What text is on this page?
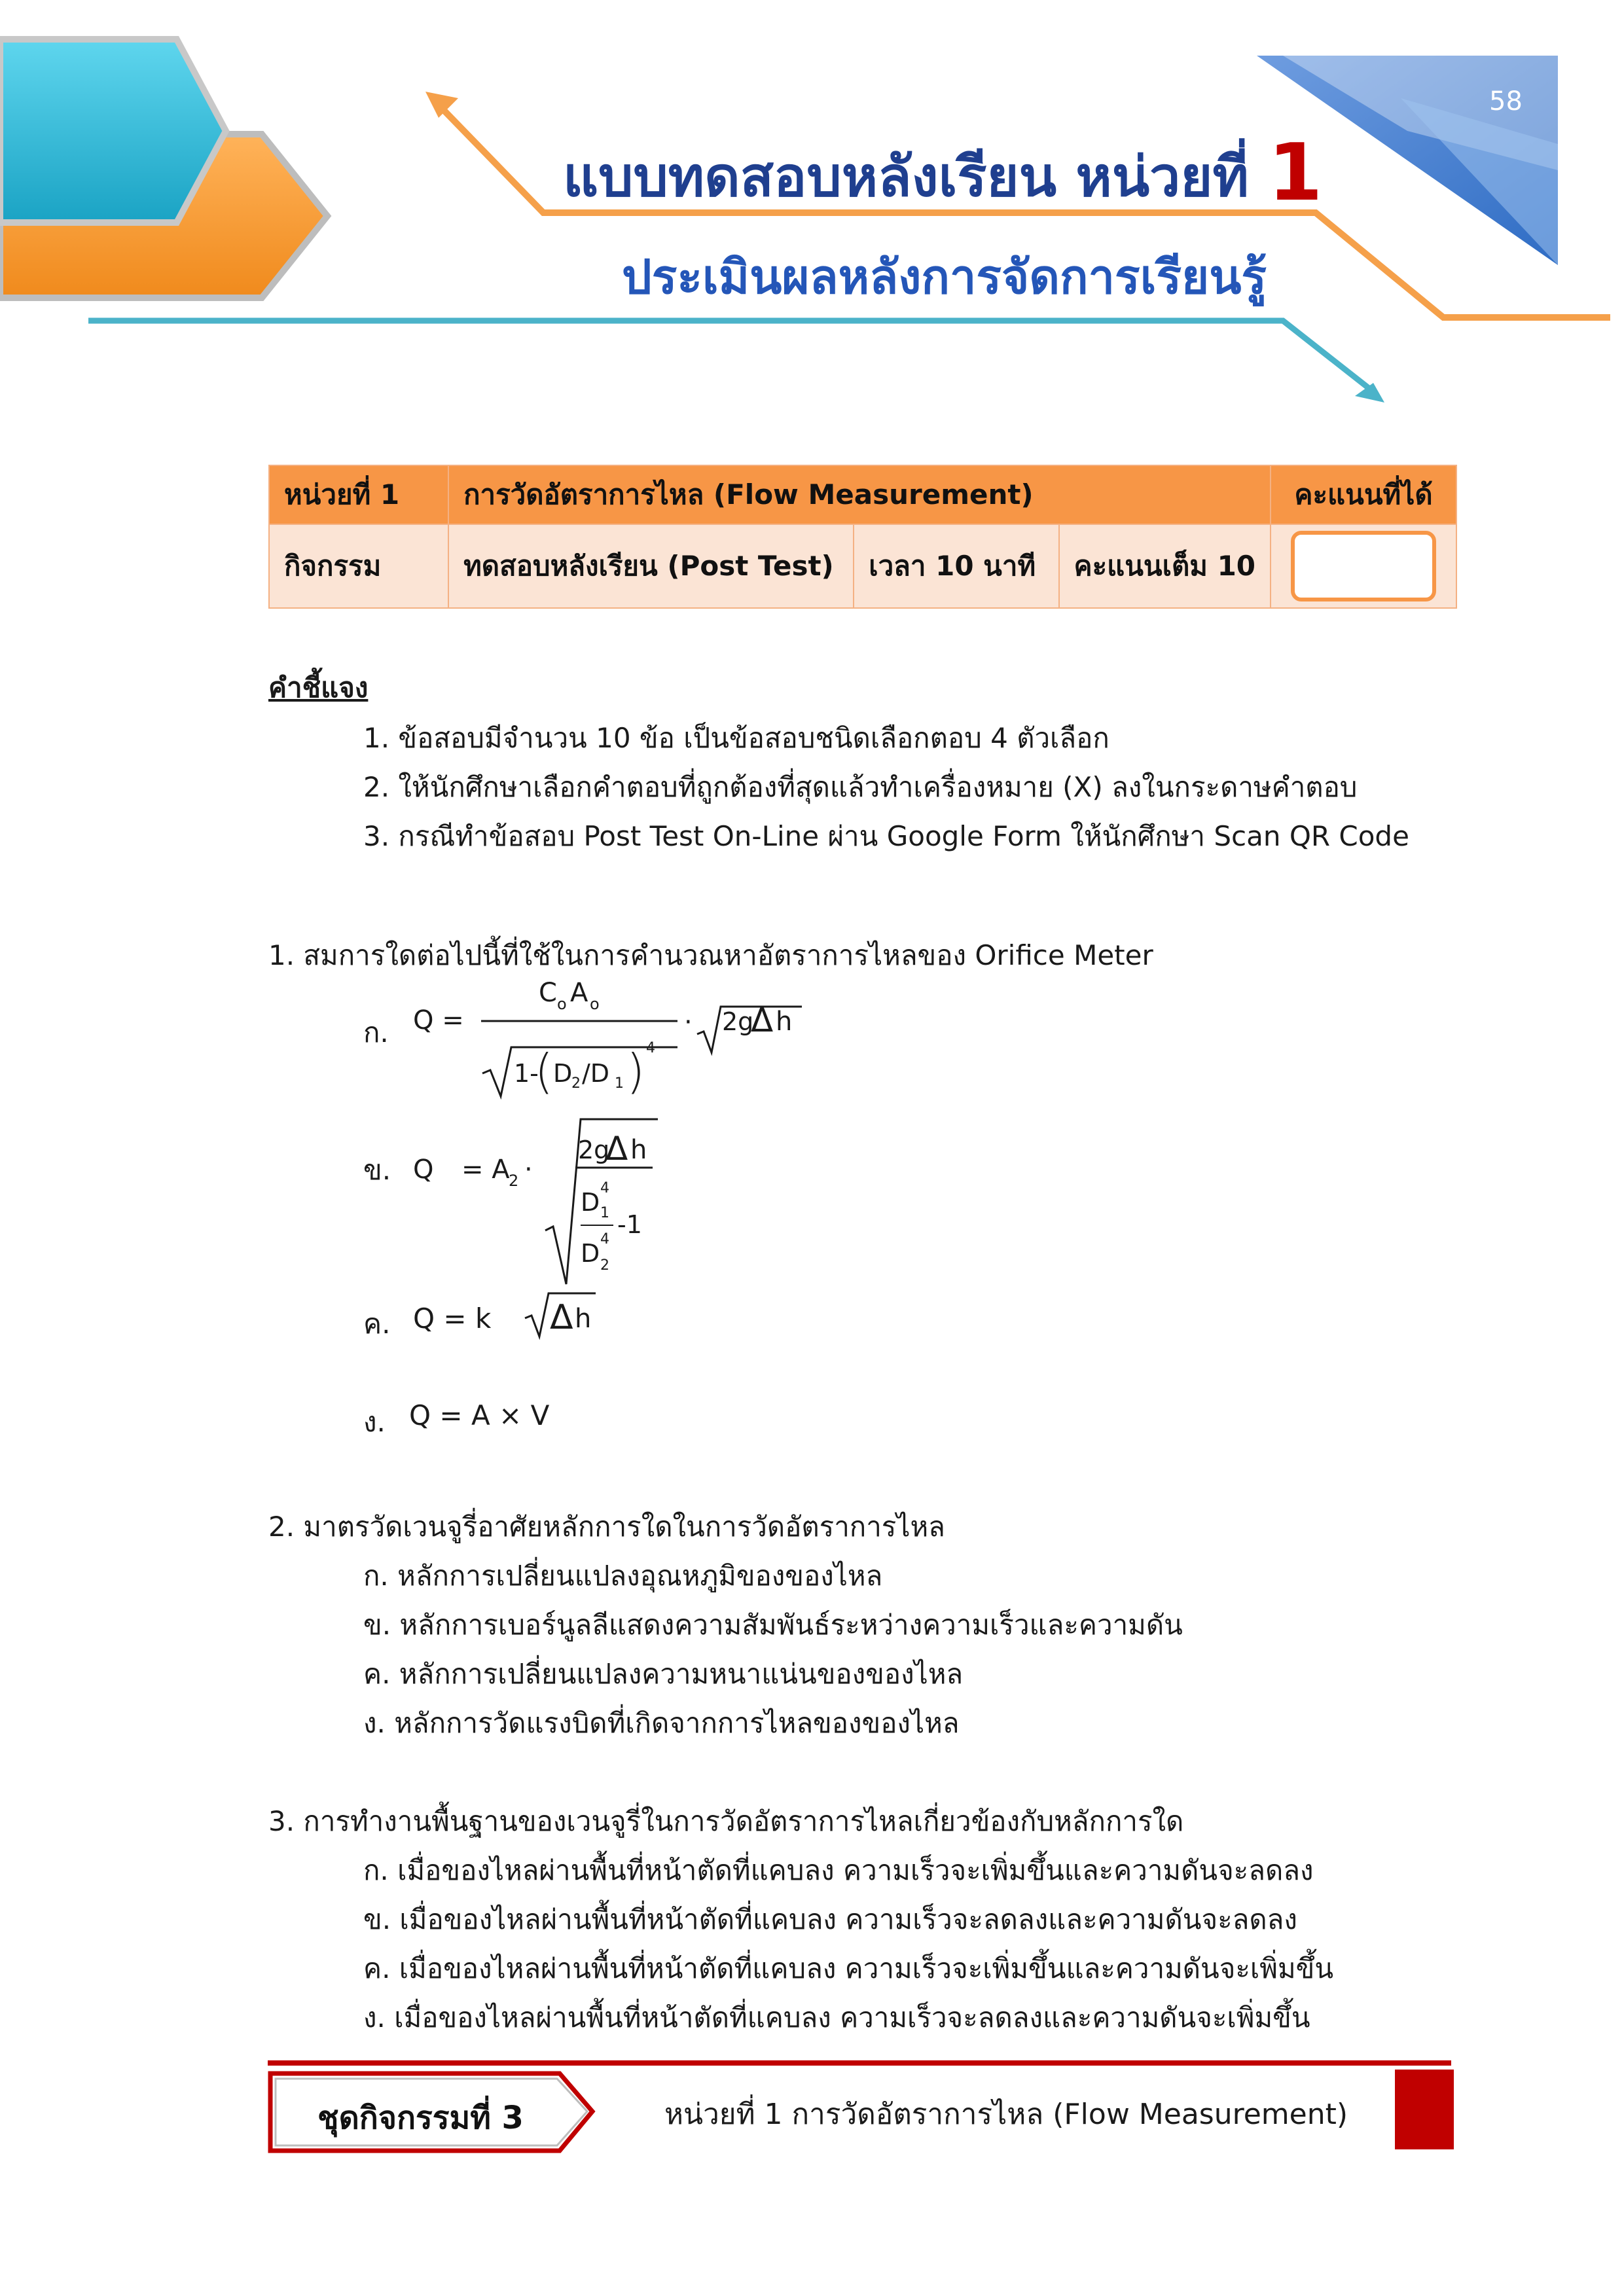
58
แบบทดสอบหลังเรียน หน่วยที่ 1
ประเมินผลหลังการจัดการเรียนรู้
หน่วยที่ 1	การวัดอัตราการไหล (Flow Measurement)			คะแนนที่ได้
กิจกรรม	ทดสอบหลังเรียน (Post Test)	เวลา 10 นาที	คะแนนเต็ม 10	
คำชี้แจง
1. ข้อสอบมีจำนวน 10 ข้อ เป็นข้อสอบชนิดเลือกตอบ 4 ตัวเลือก
2. ให้นักศึกษาเลือกคำตอบที่ถูกต้องที่สุดแล้วทำเครื่องหมาย (X) ลงในกระดาษคำตอบ
3. กรณีทำข้อสอบ Post Test On-Line ผ่าน Google Form ให้นักศึกษา Scan QR Code
1. สมการใดต่อไปนี้ที่ใช้ในการคำนวณหาอัตราการไหลของ Orifice Meter
ก. Q =
C o A o
1-
( D
2 /D 1 ) 4
· 2g
Δ h
ข. Q = A
2 ·
2g
Δ h
D 4
1 -1
D 4
2
ค. Q = k Δ h
ง. Q = A × V
2. มาตรวัดเวนจูรี่อาศัยหลักการใดในการวัดอัตราการไหล
ก. หลักการเปลี่ยนแปลงอุณหภูมิของของไหล
ข. หลักการเบอร์นูลลีแสดงความสัมพันธ์ระหว่างความเร็วและความดัน
ค. หลักการเปลี่ยนแปลงความหนาแน่นของของไหล
ง. หลักการวัดแรงบิดที่เกิดจากการไหลของของไหล
3. การทำงานพื้นฐานของเวนจูรี่ในการวัดอัตราการไหลเกี่ยวข้องกับหลักการใด
ก. เมื่อของไหลผ่านพื้นที่หน้าตัดที่แคบลง ความเร็วจะเพิ่มขึ้นและความดันจะลดลง
ข. เมื่อของไหลผ่านพื้นที่หน้าตัดที่แคบลง ความเร็วจะลดลงและความดันจะลดลง
ค. เมื่อของไหลผ่านพื้นที่หน้าตัดที่แคบลง ความเร็วจะเพิ่มขึ้นและความดันจะเพิ่มขึ้น
ง. เมื่อของไหลผ่านพื้นที่หน้าตัดที่แคบลง ความเร็วจะลดลงและความดันจะเพิ่มขึ้น
ชุดกิจกรรมที่ 3	หน่วยที่ 1 การวัดอัตราการไหล (Flow Measurement)
